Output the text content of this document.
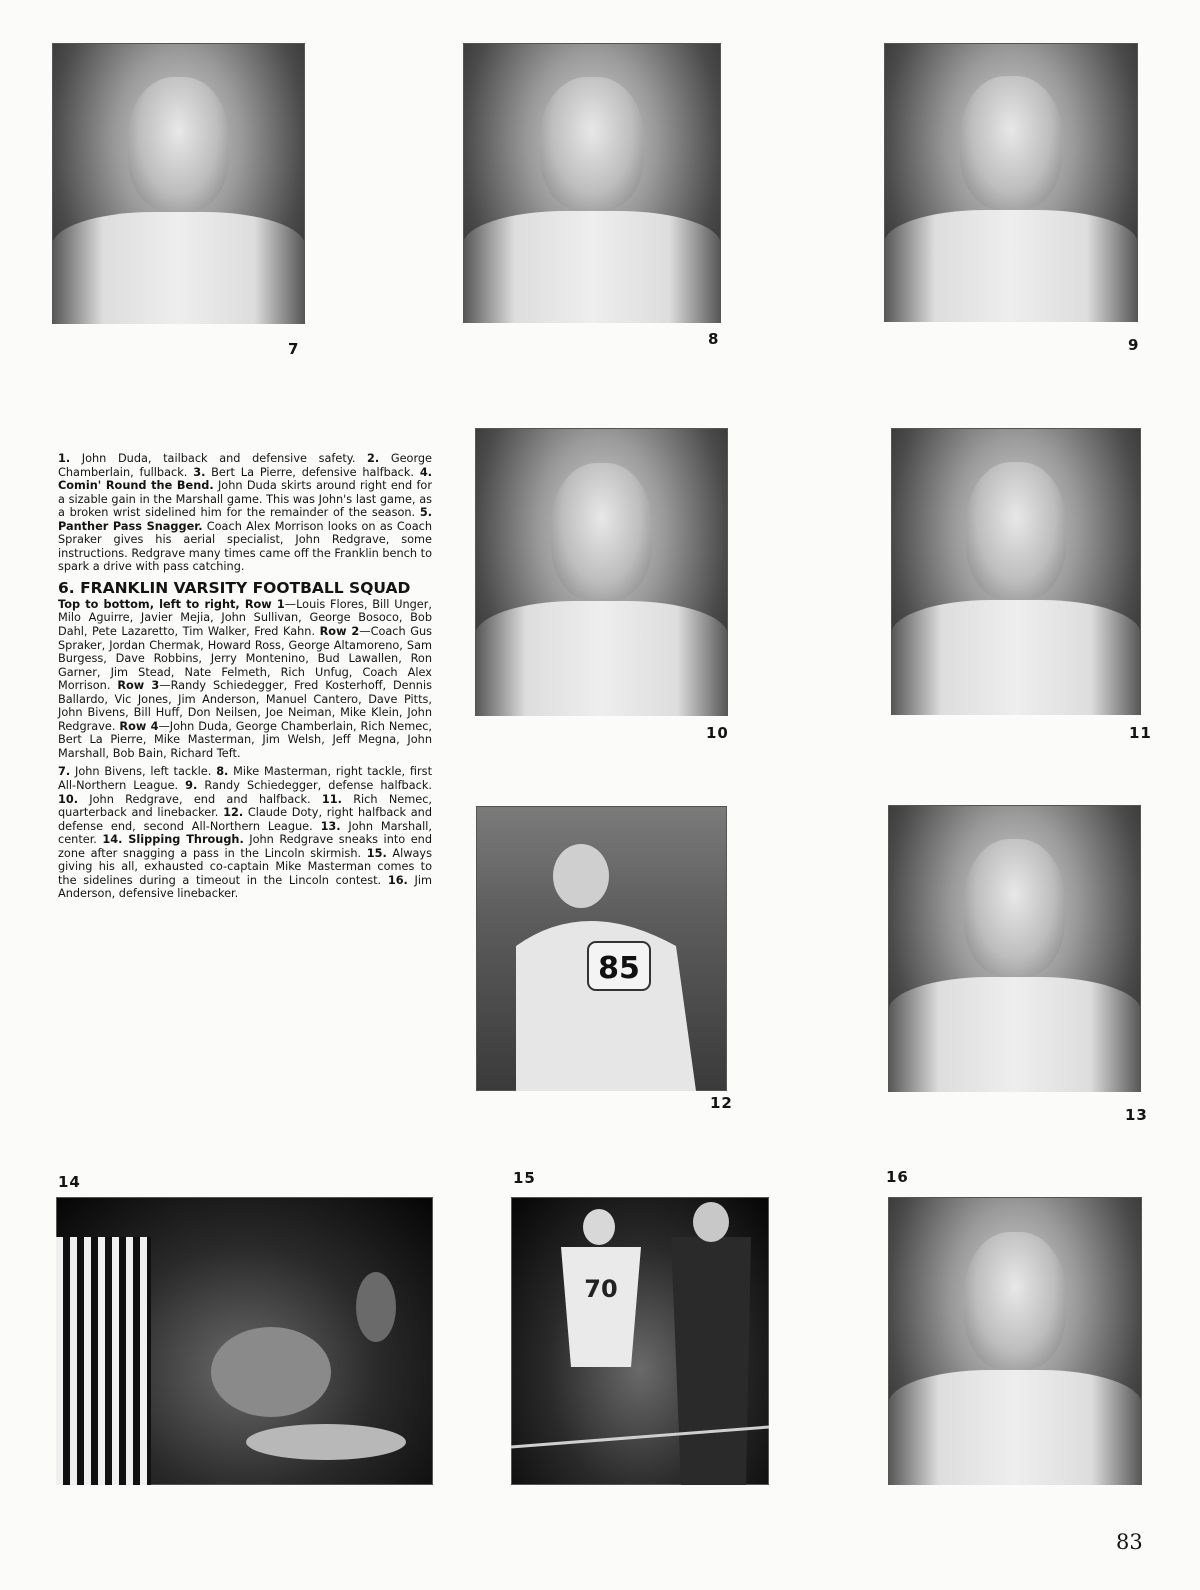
7
8	9

1. John Duda, tailback and defensive safety. 2. George Chamberlain, fullback. 3. Bert La Pierre, defensive halfback. 4. Comin' Round the Bend. John Duda skirts around right end for a sizable gain in the Marshall game. This was John's last game, as a broken wrist sidelined him for the remainder of the season. 5. Panther Pass Snagger. Coach Alex Morrison looks on as Coach Spraker gives his aerial specialist, John Redgrave, some instructions. Redgrave many times came off the Franklin bench to spark a drive with pass catching.

6. FRANKLIN VARSITY FOOTBALL SQUAD

Top to bottom, left to right, Row 1—Louis Flores, Bill Unger, Milo Aguirre, Javier Mejia, John Sullivan, George Bosoco, Bob Dahl, Pete Lazaretto, Tim Walker, Fred Kahn. Row 2—Coach Gus Spraker, Jordan Chermak, Howard Ross, George Altamoreno, Sam Burgess, Dave Robbins, Jerry Montenino, Bud Lawallen, Ron Garner, Jim Stead, Nate Felmeth, Rich Unfug, Coach Alex Morrison. Row 3—Randy Schiedegger, Fred Kosterhoff, Dennis Ballardo, Vic Jones, Jim Anderson, Manuel Cantero, Dave Pitts, John Bivens, Bill Huff, Don Neilsen, Joe Neiman, Mike Klein, John Redgrave. Row 4—John Duda, George Chamberlain, Rich Nemec, Bert La Pierre, Mike Masterman, Jim Welsh, Jeff Megna, John Marshall, Bob Bain, Richard Teft.

7. John Bivens, left tackle. 8. Mike Masterman, right tackle, first All-Northern League. 9. Randy Schiedegger, defense halfback. 10. John Redgrave, end and halfback. 11. Rich Nemec, quarterback and linebacker. 12. Claude Doty, right halfback and defense end, second All-Northern League. 13. John Marshall, center. 14. Slipping Through. John Redgrave sneaks into end zone after snagging a pass in the Lincoln skirmish. 15. Always giving his all, exhausted co-captain Mike Masterman comes to the sidelines during a timeout in the Lincoln contest. 16. Jim Anderson, defensive linebacker.

10	11
85
12
13
14	15
70
16
83
